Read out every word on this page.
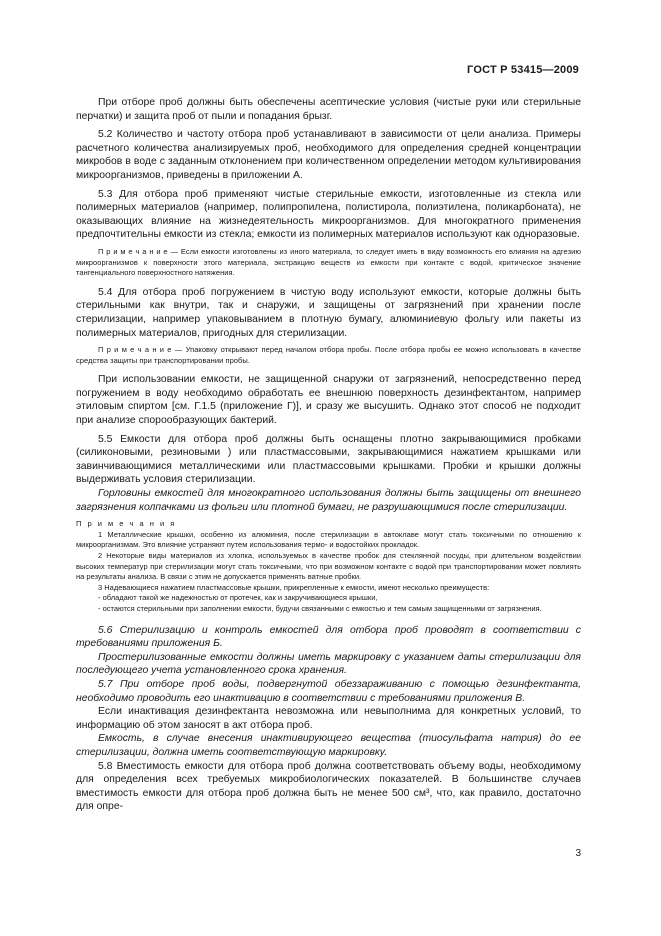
ГОСТ Р 53415—2009

При отборе проб должны быть обеспечены асептические условия (чистые руки или стерильные перчатки) и защита проб от пыли и попадания брызг.

5.2 Количество и частоту отбора проб устанавливают в зависимости от цели анализа. Примеры расчетного количества анализируемых проб, необходимого для определения средней концентрации микробов в воде с заданным отклонением при количественном определении методом культивирования микроорганизмов, приведены в приложении А.

5.3 Для отбора проб применяют чистые стерильные емкости, изготовленные из стекла или полимерных материалов (например, полипропилена, полистирола, полиэтилена, поликарбоната), не оказывающих влияние на жизнедеятельность микроорганизмов. Для многократного применения предпочтительны емкости из стекла; емкости из полимерных материалов используют как одноразовые.

П р и м е ч а н и е — Если емкости изготовлены из иного материала, то следует иметь в виду возможность его влияния на адгезию микроорганизмов к поверхности этого материала, экстракцию веществ из емкости при контакте с водой, критическое значение тангенциального поверхностного натяжения.

5.4 Для отбора проб погружением в чистую воду используют емкости, которые должны быть стерильными как внутри, так и снаружи, и защищены от загрязнений при хранении после стерилизации, например упаковыванием в плотную бумагу, алюминиевую фольгу или пакеты из полимерных материалов, пригодных для стерилизации.

П р и м е ч а н и е — Упаковку открывают перед началом отбора пробы. После отбора пробы ее можно использовать в качестве средства защиты при транспортировании пробы.

При использовании емкости, не защищенной снаружи от загрязнений, непосредственно перед погружением в воду необходимо обработать ее внешнюю поверхность дезинфектантом, например этиловым спиртом [см. Г.1.5 (приложение Г)], и сразу же высушить. Однако этот способ не подходит при анализе спорообразующих бактерий.

5.5 Емкости для отбора проб должны быть оснащены плотно закрывающимися пробками (силиконовыми, резиновыми ) или пластмассовыми, закрывающимися нажатием крышками или завинчивающимися металлическими или пластмассовыми крышками. Пробки и крышки должны выдерживать условия стерилизации.

Горловины емкостей для многократного использования должны быть защищены от внешнего загрязнения колпачками из фольги или плотной бумаги, не разрушающимися после стерилизации.

П р и м е ч а н и я

1 Металлические крышки, особенно из алюминия, после стерилизации в автоклаве могут стать токсичными по отношению к микроорганизмам. Это влияние устраняют путем использования термо- и водостойких прокладок.

2 Некоторые виды материалов из хлопка, используемых в качестве пробок для стеклянной посуды, при длительном воздействии высоких температур при стерилизации могут стать токсичными, что при возможном контакте с водой при транспортировании может повлиять на результаты анализа. В связи с этим не допускается применять ватные пробки.

3 Надевающиеся нажатием пластмассовые крышки, прикрепленные к емкости, имеют несколько преимуществ:

- обладают такой же надежностью от протечек, как и закручивающиеся крышки,

- остаются стерильными при заполнении емкости, будучи связанными с емкостью и тем самым защищенными от загрязнения.

5.6 Стерилизацию и контроль емкостей для отбора проб проводят в соответствии с требованиями приложения Б.

Простерилизованные емкости должны иметь маркировку с указанием даты стерилизации для последующего учета установленного срока хранения.

5.7 При отборе проб воды, подвергнутой обеззараживанию с помощью дезинфектанта, необходимо проводить его инактивацию в соответствии с требованиями приложения В.

Если инактивация дезинфектанта невозможна или невыполнима для конкретных условий, то информацию об этом заносят в акт отбора проб.

Емкость, в случае внесения инактивирующего вещества (тиосульфата натрия) до ее стерилизации, должна иметь соответствующую маркировку.

5.8 Вместимость емкости для отбора проб должна соответствовать объему воды, необходимому для определения всех требуемых микробиологических показателей. В большинстве случаев вместимость емкости для отбора проб должна быть не менее 500 см³, что, как правило, достаточно для опре-

3
